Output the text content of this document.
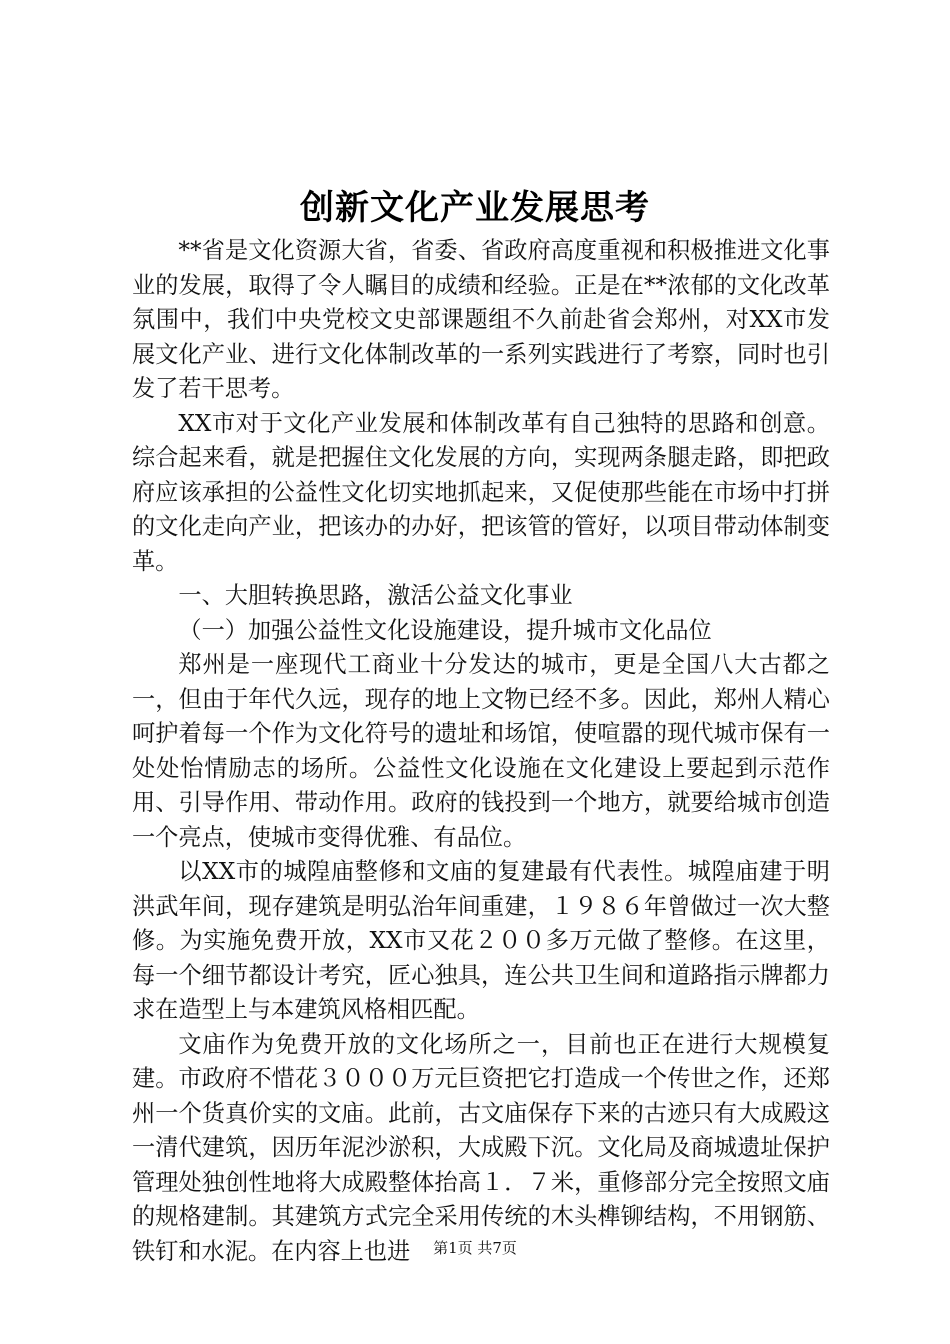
创新文化产业发展思考

**省是文化资源大省，省委、省政府高度重视和积极推进文化事业的发展，取得了令人瞩目的成绩和经验。正是在**浓郁的文化改革氛围中，我们中央党校文史部课题组不久前赴省会郑州，对XX市发展文化产业、进行文化体制改革的一系列实践进行了考察，同时也引发了若干思考。

XX市对于文化产业发展和体制改革有自己独特的思路和创意。综合起来看，就是把握住文化发展的方向，实现两条腿走路，即把政府应该承担的公益性文化切实地抓起来，又促使那些能在市场中打拼的文化走向产业，把该办的办好，把该管的管好，以项目带动体制变革。

一、大胆转换思路，激活公益文化事业

（一）加强公益性文化设施建设，提升城市文化品位

郑州是一座现代工商业十分发达的城市，更是全国八大古都之一，但由于年代久远，现存的地上文物已经不多。因此，郑州人精心呵护着每一个作为文化符号的遗址和场馆，使喧嚣的现代城市保有一处处怡情励志的场所。公益性文化设施在文化建设上要起到示范作用、引导作用、带动作用。政府的钱投到一个地方，就要给城市创造一个亮点，使城市变得优雅、有品位。

以XX市的城隍庙整修和文庙的复建最有代表性。城隍庙建于明洪武年间，现存建筑是明弘治年间重建，１９８６年曾做过一次大整修。为实施免费开放，XX市又花２００多万元做了整修。在这里，每一个细节都设计考究，匠心独具，连公共卫生间和道路指示牌都力求在造型上与本建筑风格相匹配。

文庙作为免费开放的文化场所之一，目前也正在进行大规模复建。市政府不惜花３０００万元巨资把它打造成一个传世之作，还郑州一个货真价实的文庙。此前，古文庙保存下来的古迹只有大成殿这一清代建筑，因历年泥沙淤积，大成殿下沉。文化局及商城遗址保护管理处独创性地将大成殿整体抬高１．７米，重修部分完全按照文庙的规格建制。其建筑方式完全采用传统的木头榫铆结构，不用钢筋、铁钉和水泥。在内容上也进	第1页 共7页
